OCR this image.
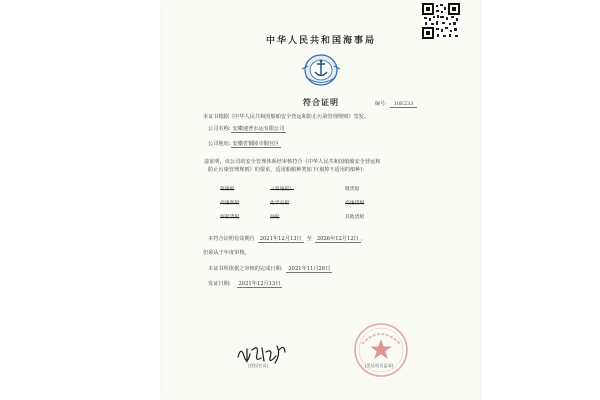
中华人民共和国海事局
符合证明	编号: 10E233
本证书根据《中华人民共和国船舶安全营运和防止污染管理规则》签发。
公司名称: 安徽速普水运有限公司
公司地址: 安徽省铜陵市铜官区
兹证明，该公司的安全管理体系经审核符合《中华人民共和国船舶安全营运和
防止污染管理规则》的要求，适用船舶种类如下(划掉不适用的船种)：
客滚船	《普通船》	散货船
高速客船	化学品船	高速货船
客船货船	油船	其他货船
本符合证明有效期自 2021年12月13日 至 2026年12月12日 ，
但须从于年度审核。
本证书所依据之审核的完成日期: 2021年11月26日
发证日期: 2021年12月13日
(授权官员)	(发证机关盖章)
